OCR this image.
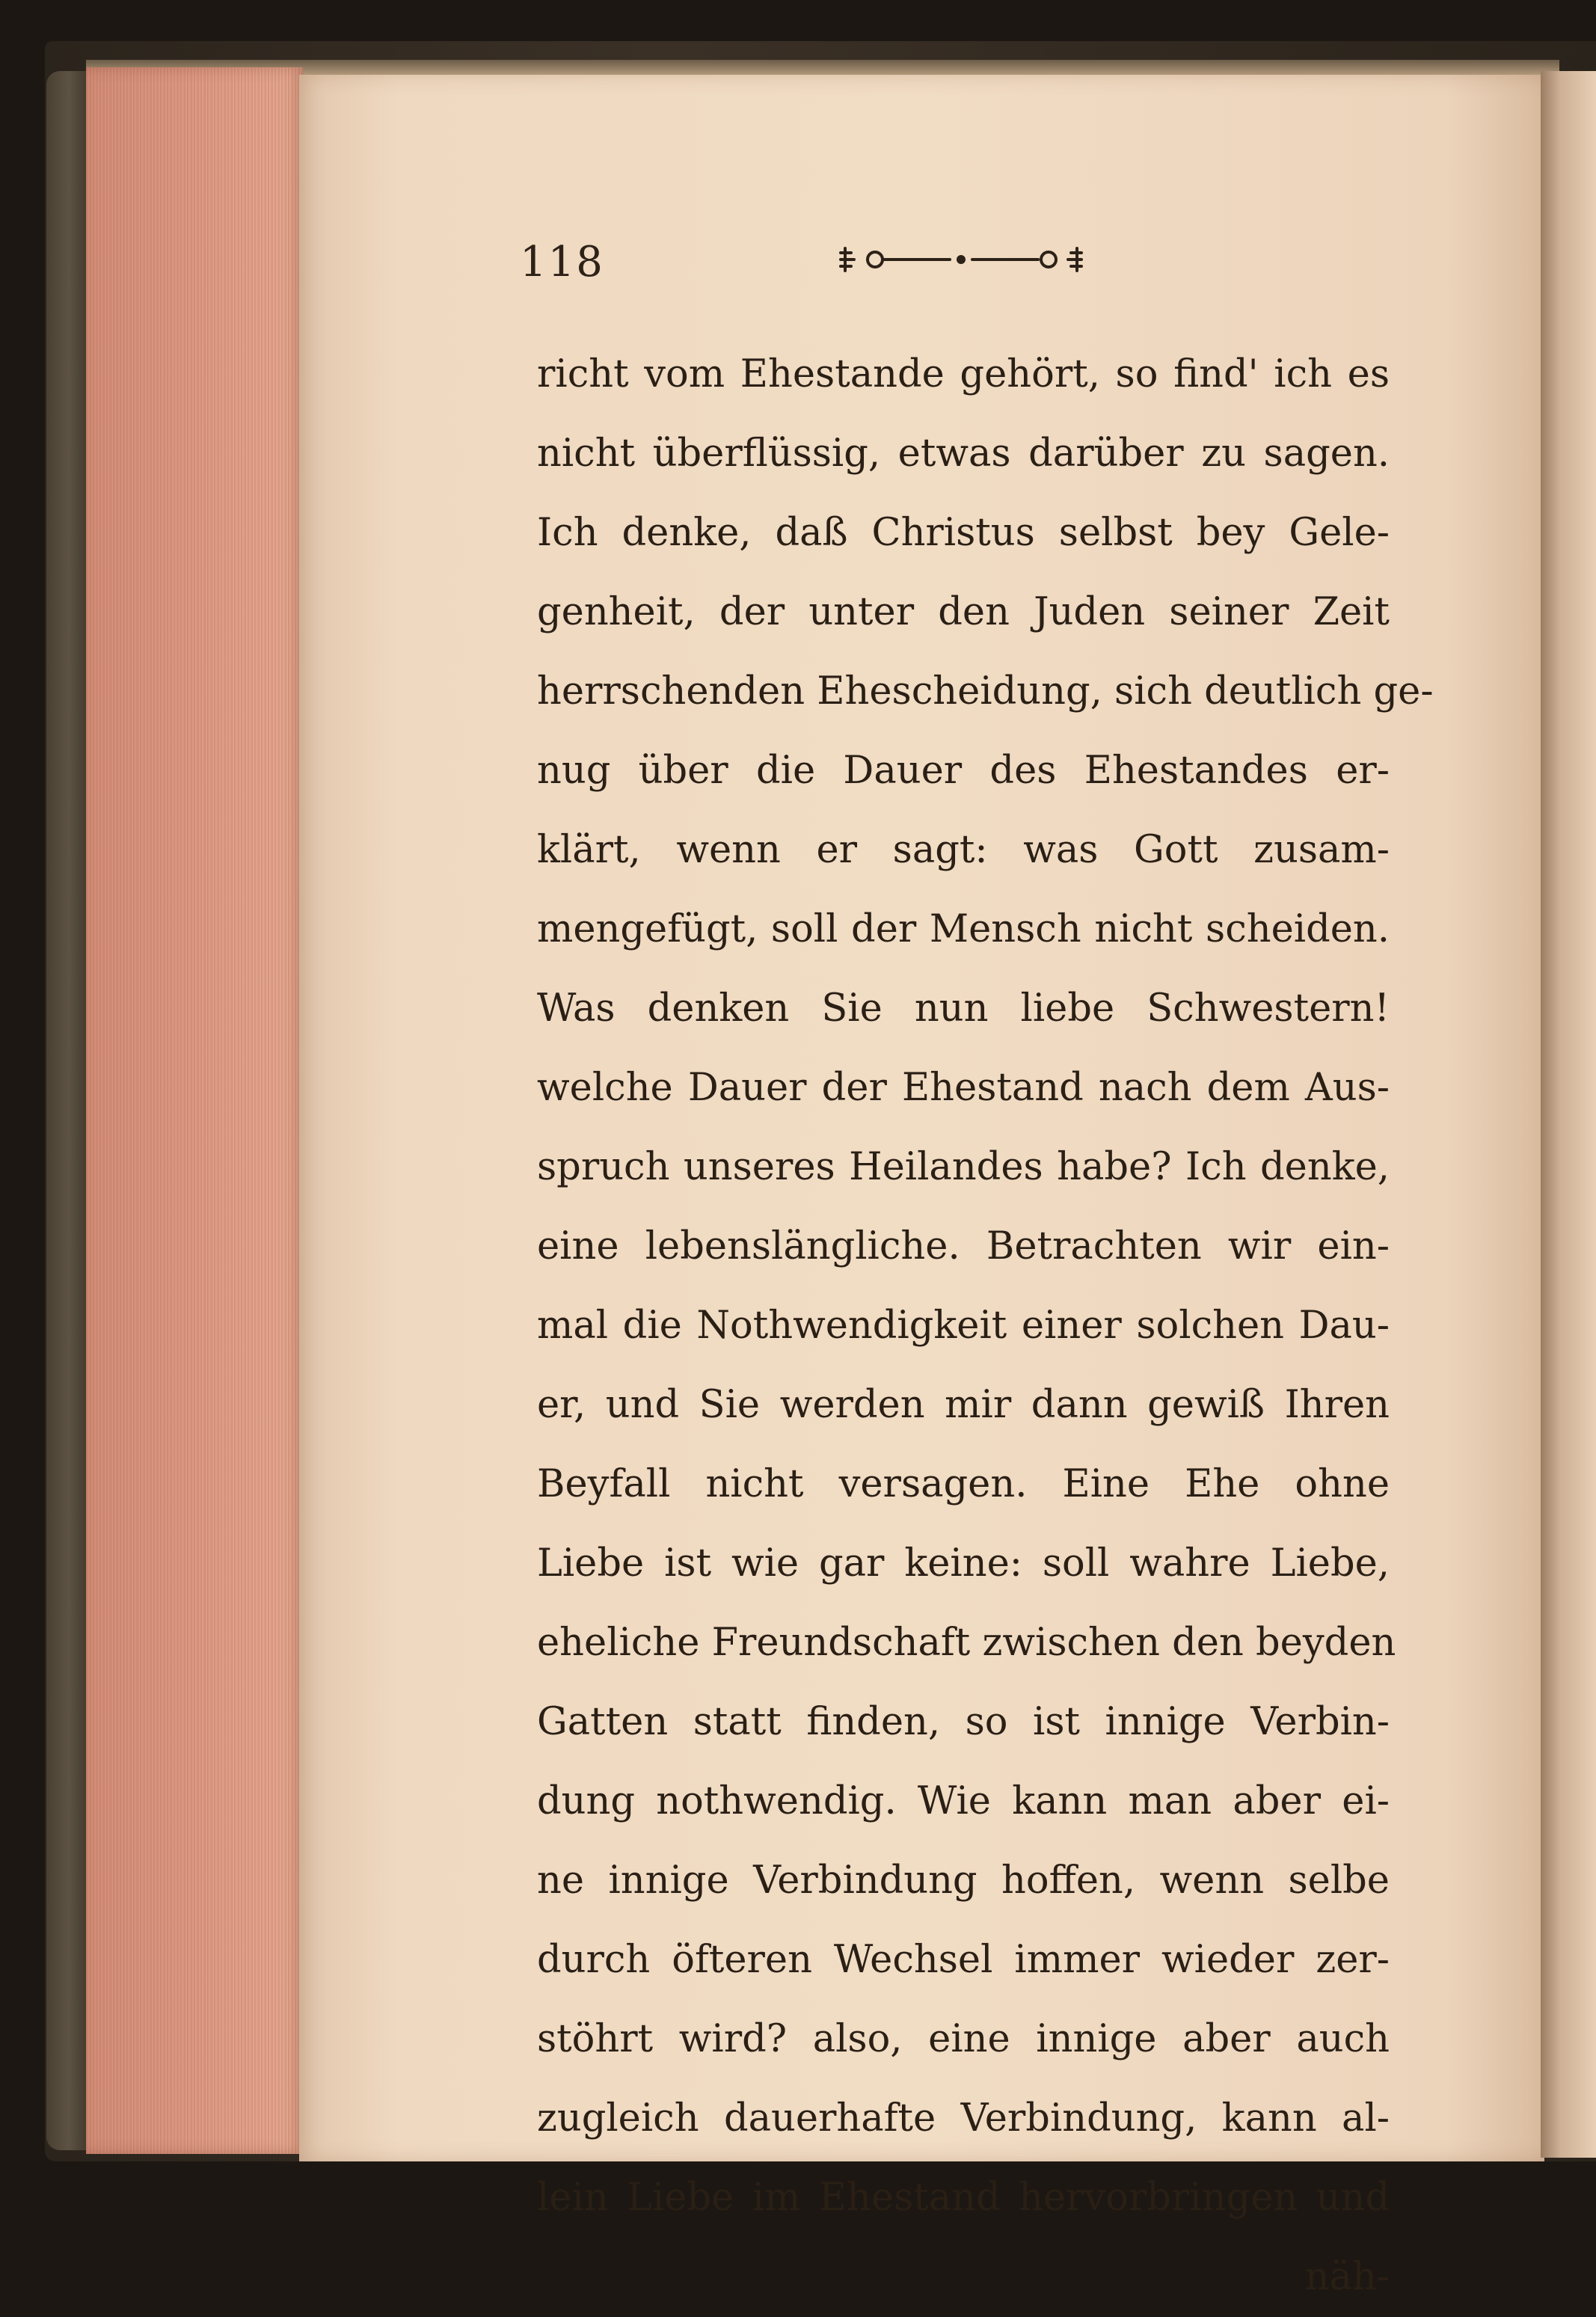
118
richt vom Ehestande gehört, so find' ich es
nicht überflüssig, etwas darüber zu sagen.
Ich denke, daß Christus selbst bey Gele-
genheit, der unter den Juden seiner Zeit
herrschenden Ehescheidung, sich deutlich ge-
nug über die Dauer des Ehestandes er-
klärt, wenn er sagt: was Gott zusam-
mengefügt, soll der Mensch nicht scheiden.
Was denken Sie nun liebe Schwestern!
welche Dauer der Ehestand nach dem Aus-
spruch unseres Heilandes habe? Ich denke,
eine lebenslängliche. Betrachten wir ein-
mal die Nothwendigkeit einer solchen Dau-
er, und Sie werden mir dann gewiß Ihren
Beyfall nicht versagen. Eine Ehe ohne
Liebe ist wie gar keine: soll wahre Liebe,
eheliche Freundschaft zwischen den beyden
Gatten statt finden, so ist innige Verbin-
dung nothwendig. Wie kann man aber ei-
ne innige Verbindung hoffen, wenn selbe
durch öfteren Wechsel immer wieder zer-
stöhrt wird? also, eine innige aber auch
zugleich dauerhafte Verbindung, kann al-
lein Liebe im Ehestand hervorbringen und
näh-
